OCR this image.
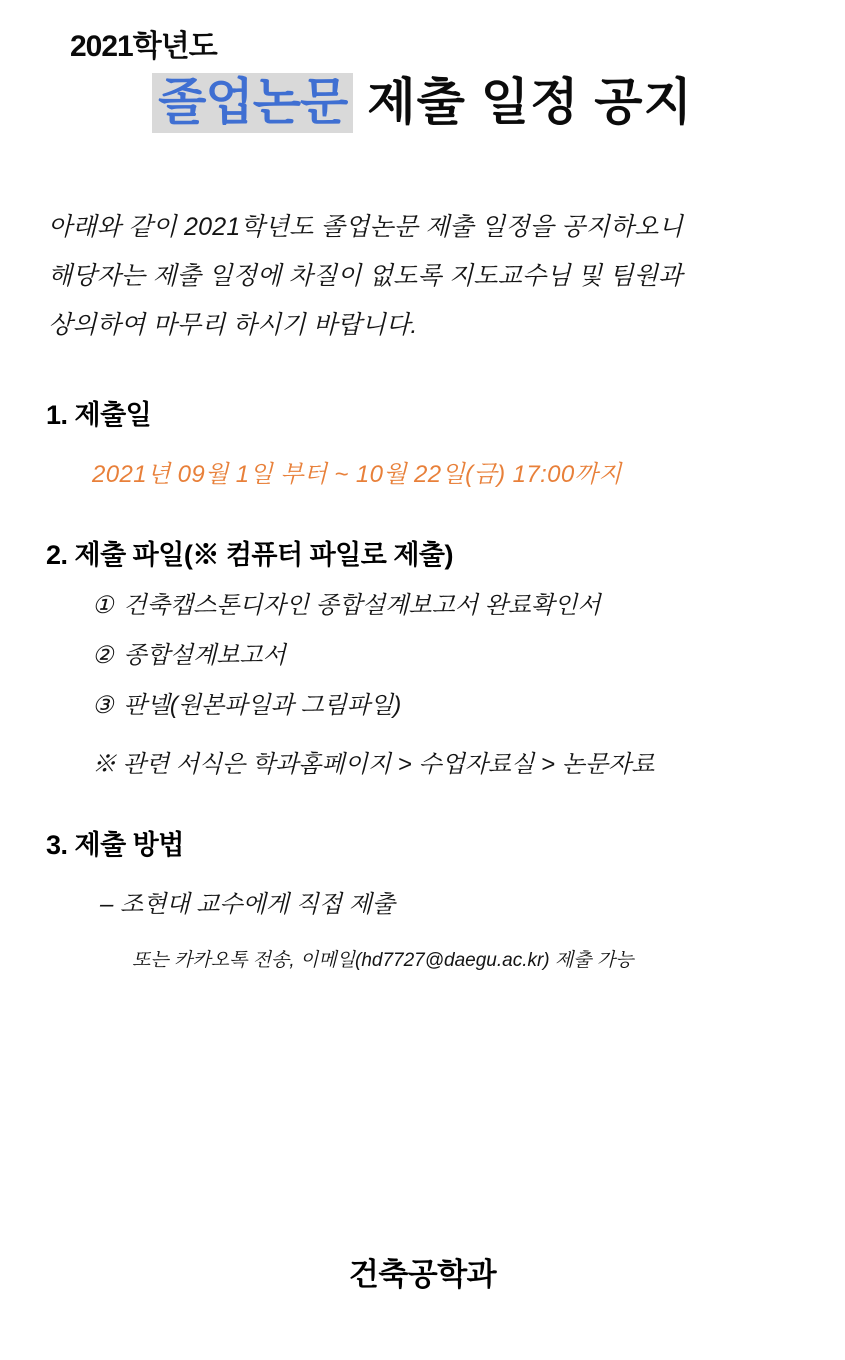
2021학년도
졸업논문 제출 일정 공지
아래와 같이 2021학년도 졸업논문 제출 일정을 공지하오니
해당자는 제출 일정에 차질이 없도록 지도교수님 및 팀원과
상의하여 마무리 하시기 바랍니다.
1. 제출일
2021년 09월 1일 부터 ~ 10월 22일(금) 17:00까지
2. 제출 파일(※ 컴퓨터 파일로 제출)
① 건축캡스톤디자인 종합설계보고서 완료확인서
② 종합설계보고서
③ 판넬(원본파일과 그림파일)
※ 관련 서식은 학과홈페이지 > 수업자료실 > 논문자료
3. 제출 방법
– 조현대 교수에게 직접 제출
또는 카카오톡 전송, 이메일(hd7727@daegu.ac.kr) 제출 가능
건축공학과
